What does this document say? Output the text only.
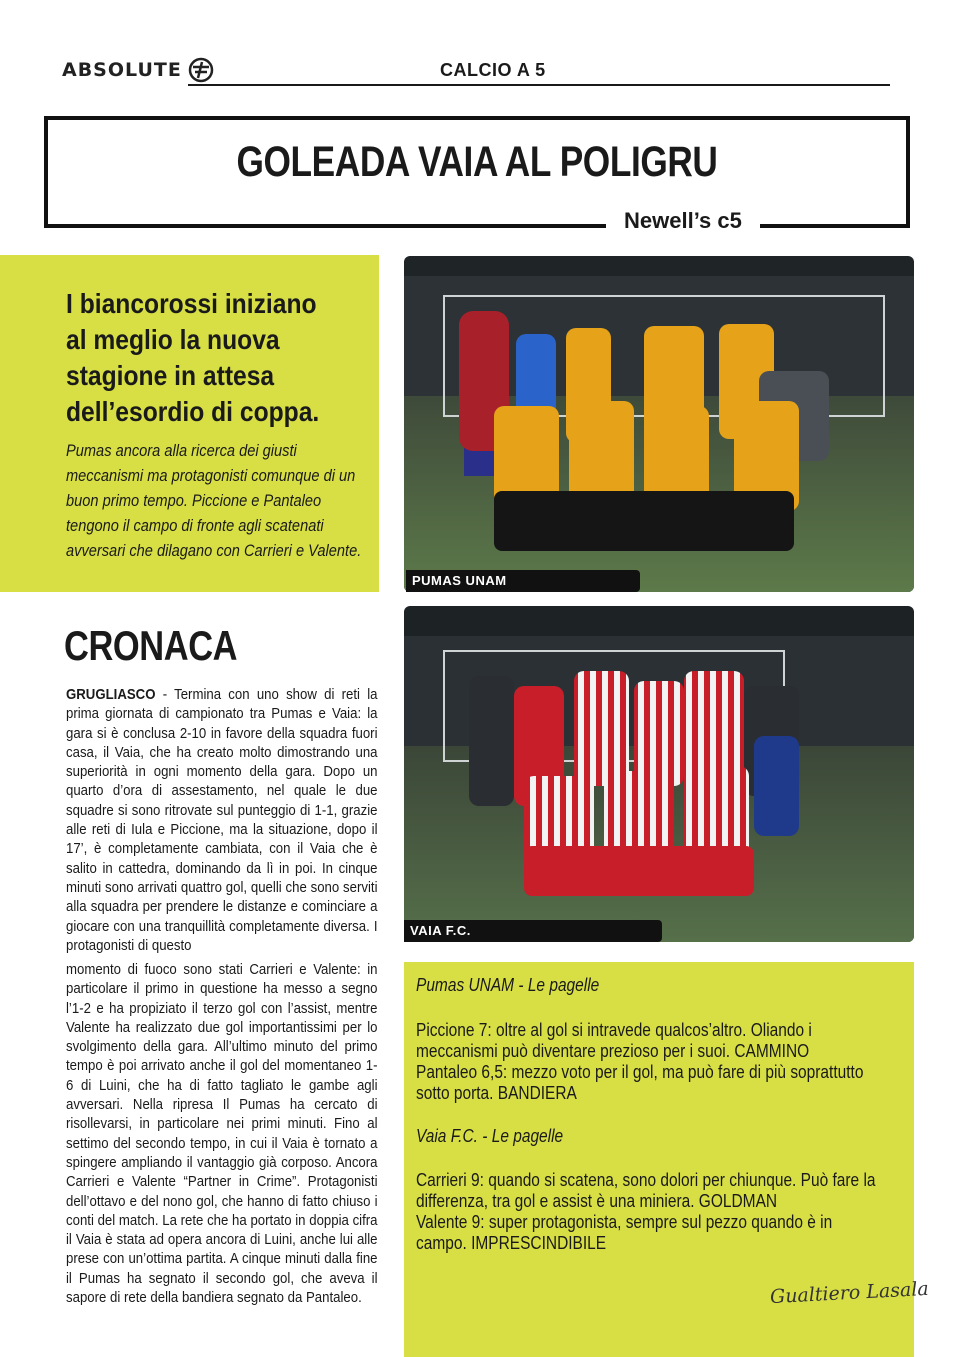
ABSOLUTE	CALCIO A 5
GOLEADA VAIA AL POLIGRU
Newell’s c5
I biancorossi iniziano al meglio la nuova stagione in attesa dell’esordio di coppa.
Pumas ancora alla ricerca dei giusti meccanismi ma protagonisti comunque di un buon primo tempo. Piccione e Pantaleo tengono il campo di fronte agli scatenati avversari che dilagano con Carrieri e Valente.
PUMAS UNAM
VAIA F.C.
CRONACA
GRUGLIASCO - Termina con uno show di reti la prima giornata di campionato tra Pumas e Vaia: la gara si è conclusa 2-10 in favore della squadra fuori casa, il Vaia, che ha creato molto dimostrando una superiorità in ogni momento della gara. Dopo un quarto d’ora di assestamento, nel quale le due squadre si sono ritrovate sul punteggio di 1-1, grazie alle reti di Iula e Piccione, ma la situazione, dopo il 17’, è completamente cambiata, con il Vaia che è salito in cattedra, dominando da lì in poi. In cinque minuti sono arrivati quattro gol, quelli che sono serviti alla squadra per prendere le distanze e cominciare a giocare con una tranquillità completamente diversa. I protagonisti di questo
momento di fuoco sono stati Carrieri e Valente: in particolare il primo in questione ha messo a segno l’1-2 e ha propiziato il terzo gol con l’assist, mentre Valente ha realizzato due gol importantissimi per lo svolgimento della gara. All’ultimo minuto del primo tempo è poi arrivato anche il gol del momentaneo 1-6 di Luini, che ha di fatto tagliato le gambe agli avversari. Nella ripresa Il Pumas ha cercato di risollevarsi, in particolare nei primi minuti. Fino al settimo del secondo tempo, in cui il Vaia è tornato a spingere ampliando il vantaggio già corposo. Ancora Carrieri e Valente “Partner in Crime”. Protagonisti dell’ottavo e del nono gol, che hanno di fatto chiuso i conti del match. La rete che ha portato in doppia cifra il Vaia è stata ad opera ancora di Luini, anche lui alle prese con un’ottima partita. A cinque minuti dalla fine il Pumas ha segnato il secondo gol, che aveva il sapore di rete della bandiera segnato da Pantaleo.
Pumas UNAM - Le pagelle
Piccione 7: oltre al gol si intravede qualcos’altro. Oliando i meccanismi può diventare prezioso per i suoi. CAMMINO
Pantaleo 6,5: mezzo voto per il gol, ma può fare di più soprattutto sotto porta. BANDIERA
Vaia F.C. - Le pagelle
Carrieri 9: quando si scatena, sono dolori per chiunque. Può fare la differenza, tra gol e assist è una miniera. GOLDMAN
Valente 9: super protagonista, sempre sul pezzo quando è in campo. IMPRESCINDIBILE
Gualtiero Lasala
